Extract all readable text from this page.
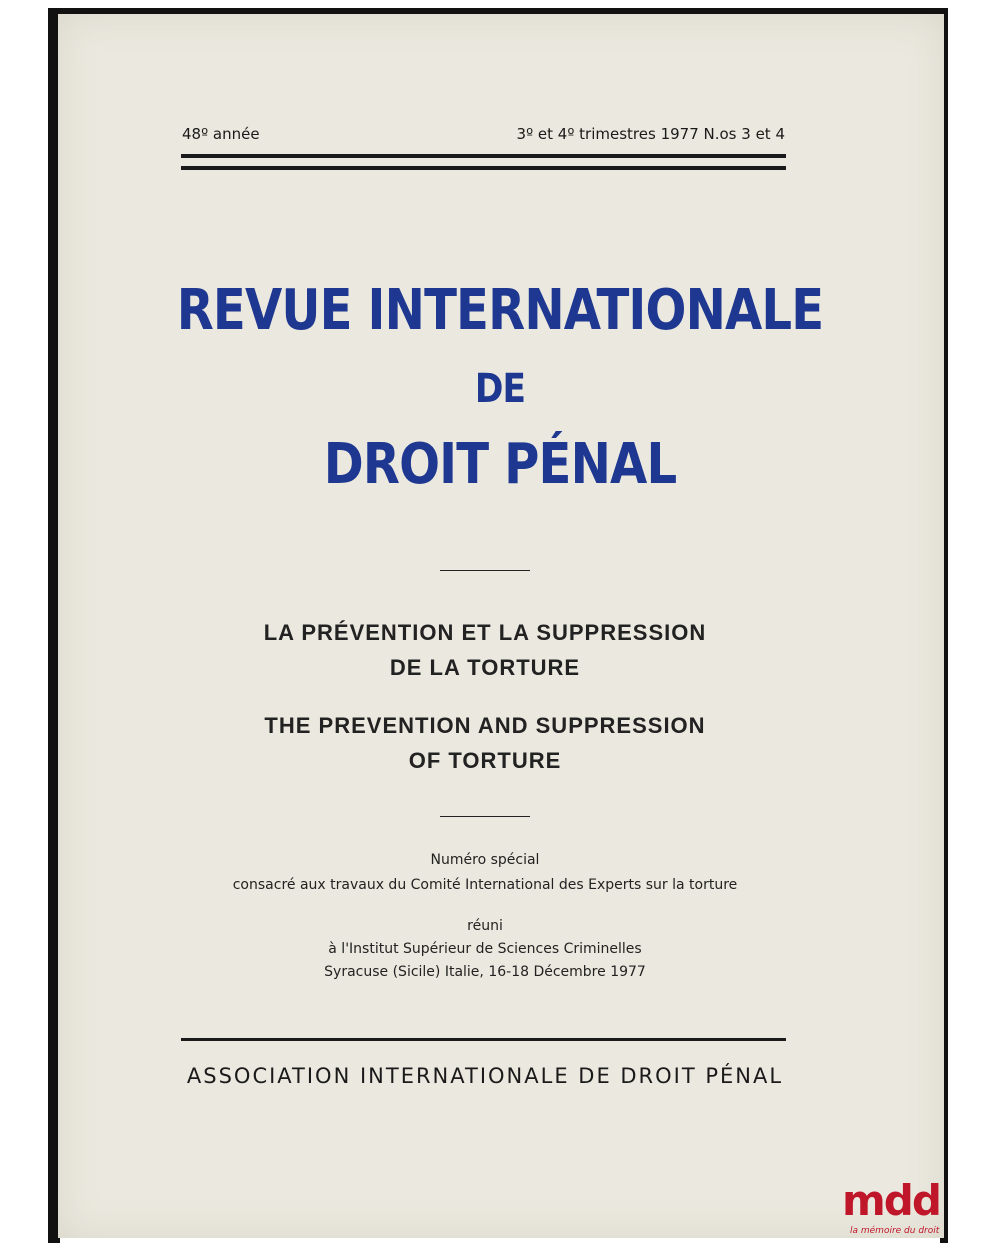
48º année	3º et 4º trimestres 1977 N.os 3 et 4
REVUE INTERNATIONALE
DE
DROIT PÉNAL
LA PRÉVENTION ET LA SUPPRESSION
DE LA TORTURE
THE PREVENTION AND SUPPRESSION
OF TORTURE
Numéro spécial
consacré aux travaux du Comité International des Experts sur la torture
réuni
à l'Institut Supérieur de Sciences Criminelles
Syracuse (Sicile) Italie, 16-18 Décembre 1977
ASSOCIATION INTERNATIONALE DE DROIT PÉNAL
mdd
la mémoire du droit
